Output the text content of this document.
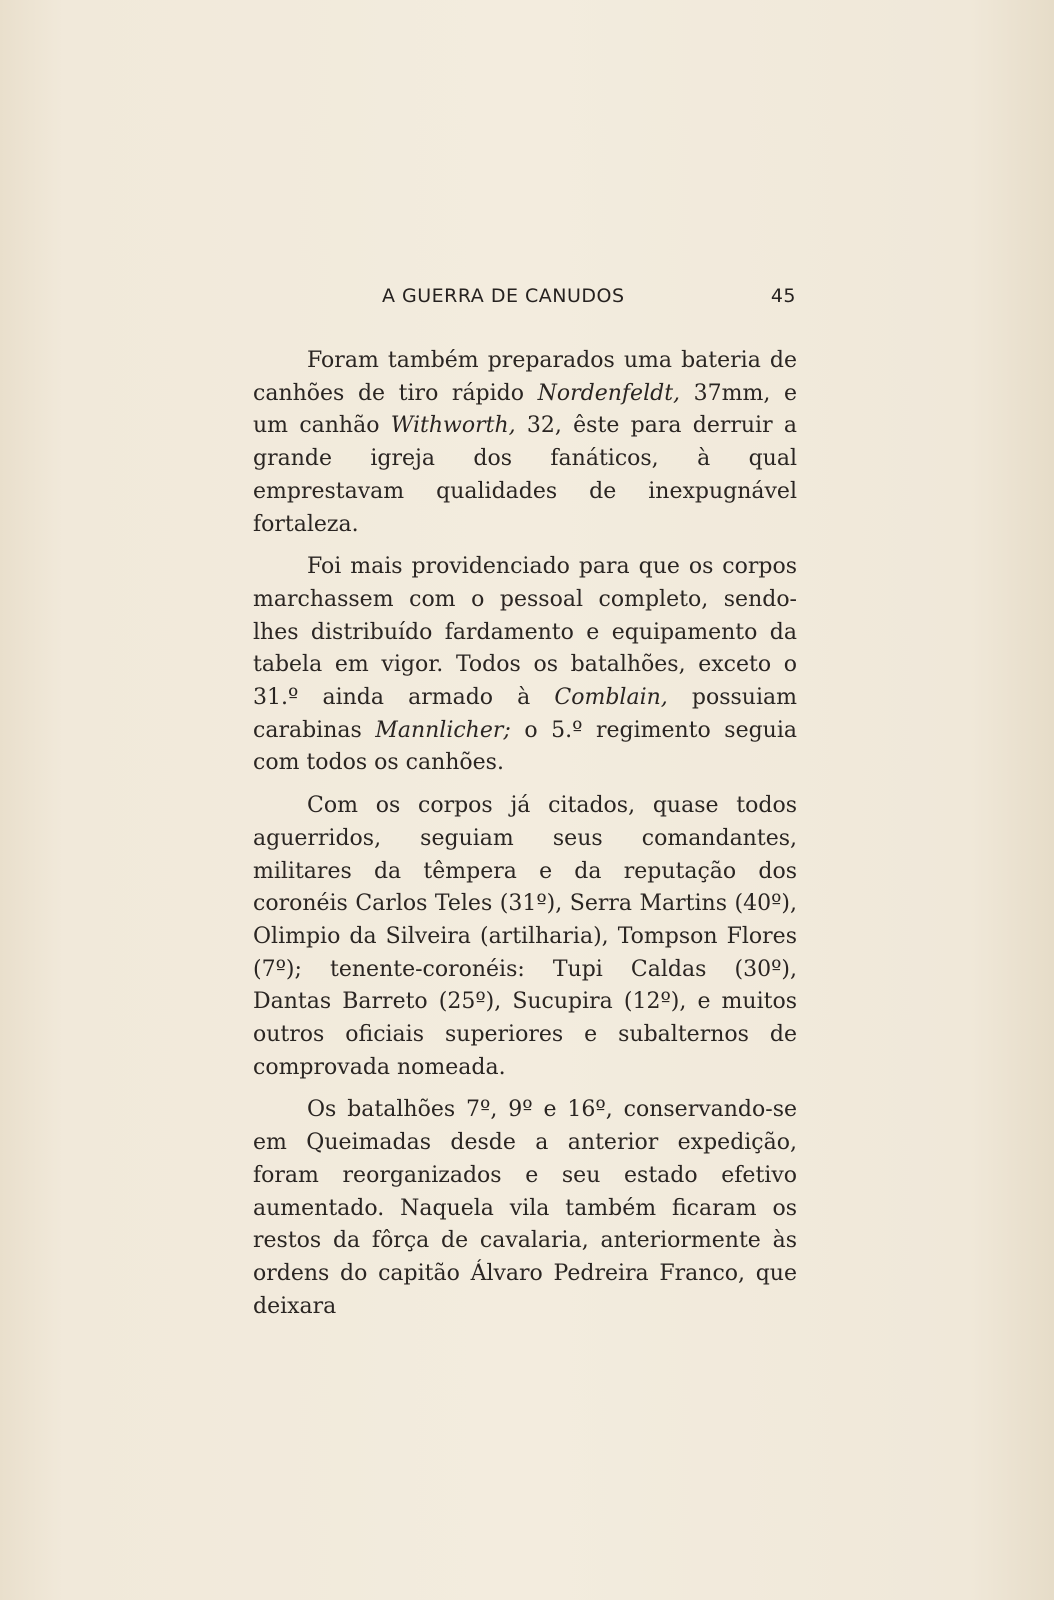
A GUERRA DE CANUDOS	45

Foram também preparados uma bateria de canhões de tiro rápido Nordenfeldt, 37mm, e um canhão Withworth, 32, êste para derruir a grande igreja dos fanáticos, à qual emprestavam qualidades de inexpugnável fortaleza.

Foi mais providenciado para que os corpos marchassem com o pessoal completo, sendo-lhes distribuído fardamento e equipamento da tabela em vigor. Todos os batalhões, exceto o 31.º ainda armado à Comblain, possuiam carabinas Mannlicher; o 5.º regimento seguia com todos os canhões.

Com os corpos já citados, quase todos aguerridos, seguiam seus comandantes, militares da têmpera e da reputação dos coronéis Carlos Teles (31º), Serra Martins (40º), Olimpio da Silveira (artilharia), Tompson Flores (7º); tenente-coronéis: Tupi Caldas (30º), Dantas Barreto (25º), Sucupira (12º), e muitos outros oficiais superiores e subalternos de comprovada nomeada.

Os batalhões 7º, 9º e 16º, conservando-se em Queimadas desde a anterior expedição, foram reorganizados e seu estado efetivo aumentado. Naquela vila também ficaram os restos da fôrça de cavalaria, anteriormente às ordens do capitão Álvaro Pedreira Franco, que deixara
